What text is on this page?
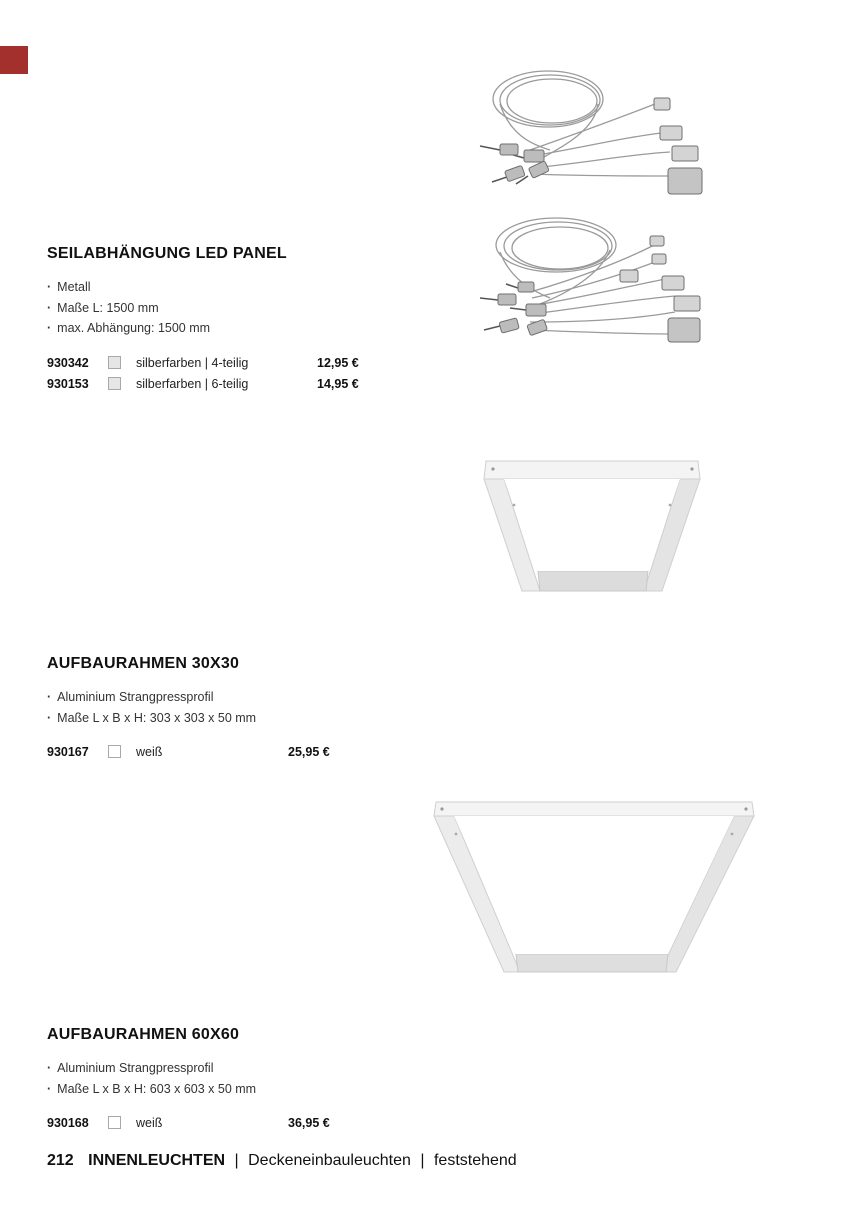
SEILABHÄNGUNG LED PANEL
· Metall
· Maße L: 1500 mm
· max. Abhängung: 1500 mm
930342	silberfarben | 4-teilig	12,95 €
930153	silberfarben | 6-teilig	14,95 €
AUFBAURAHMEN 30X30
· Aluminium Strangpressprofil
· Maße L x B x H: 303 x 303 x 50 mm
930167	weiß	25,95 €
AUFBAURAHMEN 60X60
· Aluminium Strangpressprofil
· Maße L x B x H: 603 x 603 x 50 mm
930168	weiß	36,95 €
212 INNENLEUCHTEN | Deckeneinbauleuchten | feststehend
